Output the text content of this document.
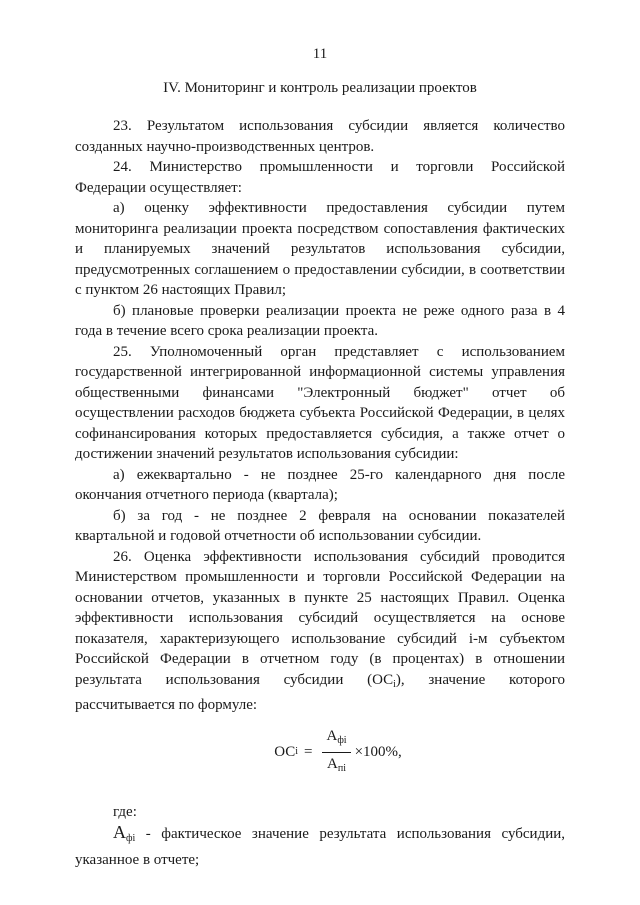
11
IV. Мониторинг и контроль реализации проектов

23. Результатом использования субсидии является количество созданных научно-производственных центров.

24. Министерство промышленности и торговли Российской Федерации осуществляет:

а) оценку эффективности предоставления субсидии путем мониторинга реализации проекта посредством сопоставления фактических и планируемых значений результатов использования субсидии, предусмотренных соглашением о предоставлении субсидии, в соответствии с пунктом 26 настоящих Правил;

б) плановые проверки реализации проекта не реже одного раза в 4 года в течение всего срока реализации проекта.

25. Уполномоченный орган представляет с использованием государственной интегрированной информационной системы управления общественными финансами "Электронный бюджет" отчет об осуществлении расходов бюджета субъекта Российской Федерации, в целях софинансирования которых предоставляется субсидия, а также отчет о достижении значений результатов использования субсидии:

а) ежеквартально - не позднее 25-го календарного дня после окончания отчетного периода (квартала);

б) за год - не позднее 2 февраля на основании показателей квартальной и годовой отчетности об использовании субсидии.

26. Оценка эффективности использования субсидий проводится Министерством промышленности и торговли Российской Федерации на основании отчетов, указанных в пункте 25 настоящих Правил. Оценка эффективности использования субсидий осуществляется на основе показателя, характеризующего использование субсидий i-м субъектом Российской Федерации в отчетном году (в процентах) в отношении результата использования субсидии $(ОС_i)$, значение которого рассчитывается по формуле:

ОС $i = \frac{А_{фi}}{А_{пi}} \times 100\%$,

где:

$А_{фi}$ - фактическое значение результата использования субсидии, указанное в отчете;
